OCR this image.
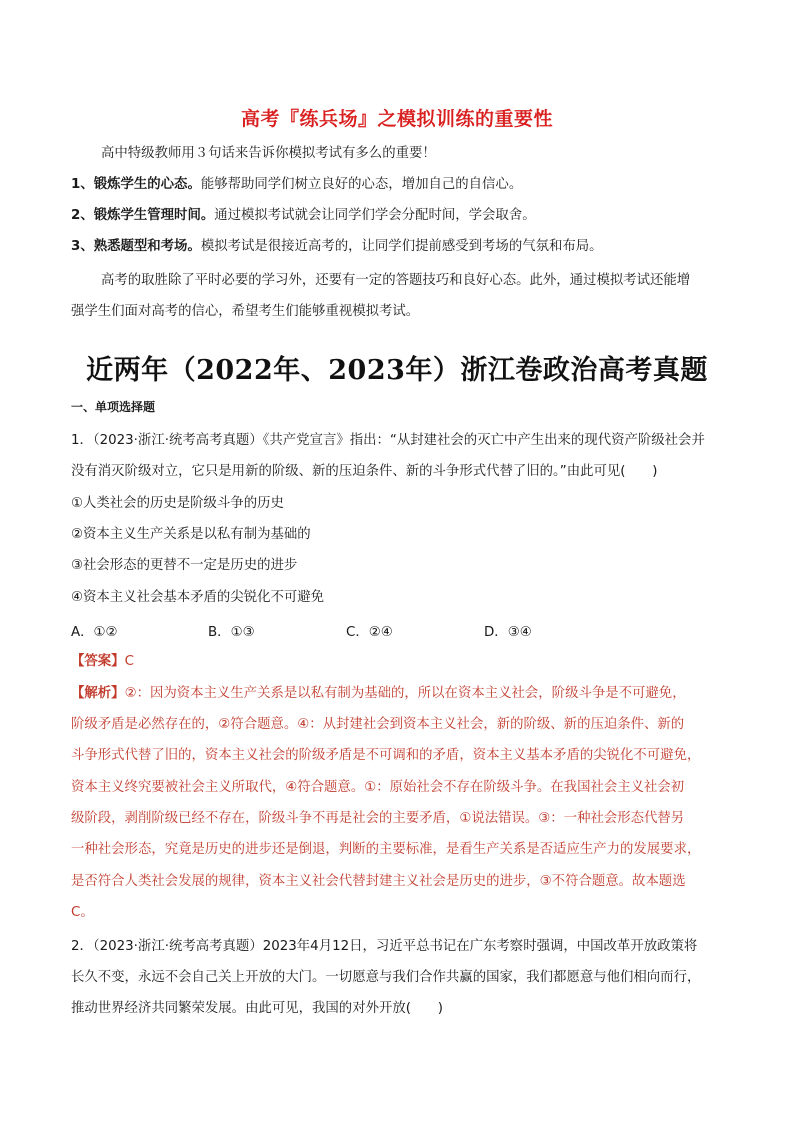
高考『练兵场』之模拟训练的重要性
高中特级教师用３句话来告诉你模拟考试有多么的重要！
1、锻炼学生的心态。能够帮助同学们树立良好的心态，增加自己的自信心。
2、锻炼学生管理时间。通过模拟考试就会让同学们学会分配时间，学会取舍。
3、熟悉题型和考场。模拟考试是很接近高考的，让同学们提前感受到考场的气氛和布局。
高考的取胜除了平时必要的学习外，还要有一定的答题技巧和良好心态。此外，通过模拟考试还能增
强学生们面对高考的信心，希望考生们能够重视模拟考试。
近两年（2022年、2023年）浙江卷政治高考真题
一、单项选择题
1．（2023·浙江·统考高考真题）《共产党宣言》指出：“从封建社会的灭亡中产生出来的现代资产阶级社会并
没有消灭阶级对立，它只是用新的阶级、新的压迫条件、新的斗争形式代替了旧的。”由此可见(　　)
①人类社会的历史是阶级斗争的历史
②资本主义生产关系是以私有制为基础的
③社会形态的更替不一定是历史的进步
④资本主义社会基本矛盾的尖锐化不可避免
A．①②	B．①③	C．②④	D．③④
【答案】C
【解析】②：因为资本主义生产关系是以私有制为基础的，所以在资本主义社会，阶级斗争是不可避免，
阶级矛盾是必然存在的，②符合题意。④：从封建社会到资本主义社会，新的阶级、新的压迫条件、新的
斗争形式代替了旧的，资本主义社会的阶级矛盾是不可调和的矛盾，资本主义基本矛盾的尖锐化不可避免，
资本主义终究要被社会主义所取代，④符合题意。①：原始社会不存在阶级斗争。在我国社会主义社会初
级阶段，剥削阶级已经不存在，阶级斗争不再是社会的主要矛盾，①说法错误。③：一种社会形态代替另
一种社会形态，究竟是历史的进步还是倒退，判断的主要标准，是看生产关系是否适应生产力的发展要求，
是否符合人类社会发展的规律，资本主义社会代替封建主义社会是历史的进步，③不符合题意。故本题选
C。
2．（2023·浙江·统考高考真题）2023年4月12日，习近平总书记在广东考察时强调，中国改革开放政策将
长久不变，永远不会自己关上开放的大门。一切愿意与我们合作共赢的国家，我们都愿意与他们相向而行，
推动世界经济共同繁荣发展。由此可见，我国的对外开放(　　)
